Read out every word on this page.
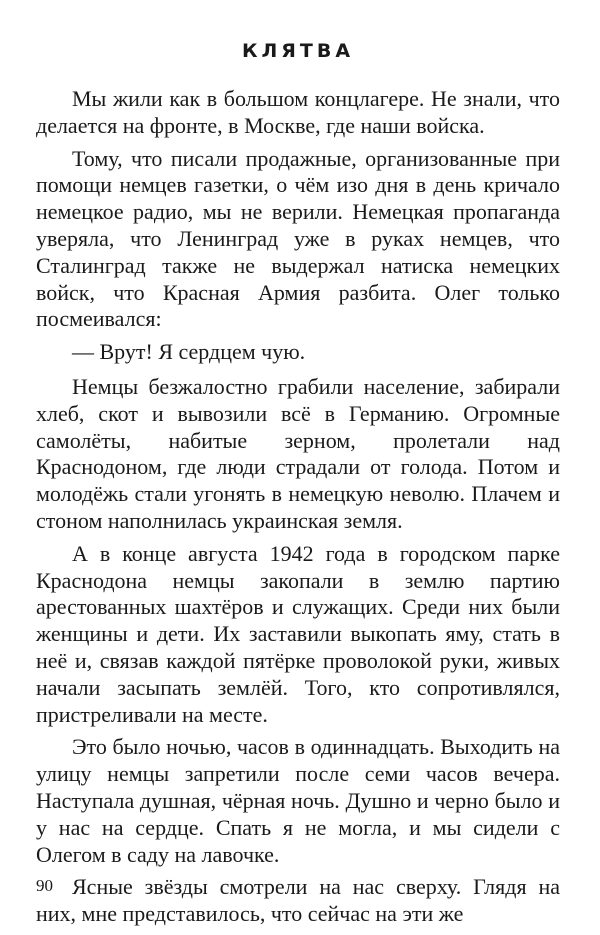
КЛЯТВА

Мы жили как в большом концлагере. Не знали, что делается на фронте, в Москве, где наши войска.

Тому, что писали продажные, организованные при помощи немцев газетки, о чём изо дня в день кричало немецкое радио, мы не верили. Немецкая пропаганда уверяла, что Ленинград уже в руках немцев, что Сталинград также не выдержал натиска немецких войск, что Красная Армия разбита. Олег только посмеивался:

— Врут! Я сердцем чую.

Немцы безжалостно грабили население, забирали хлеб, скот и вывозили всё в Германию. Огромные самолёты, набитые зерном, пролетали над Краснодоном, где люди страдали от голода. Потом и молодёжь стали угонять в немецкую неволю. Плачем и стоном наполнилась украинская земля.

А в конце августа 1942 года в городском парке Краснодона немцы закопали в землю партию арестованных шахтёров и служащих. Среди них были женщины и дети. Их заставили выкопать яму, стать в неё и, связав каждой пятёрке проволокой руки, живых начали засыпать землёй. Того, кто сопротивлялся, пристреливали на месте.

Это было ночью, часов в одиннадцать. Выходить на улицу немцы запретили после семи часов вечера. Наступала душная, чёрная ночь. Душно и черно было и у нас на сердце. Спать я не могла, и мы сидели с Олегом в саду на лавочке.

Ясные звёзды смотрели на нас сверху. Глядя на них, мне представилось, что сейчас на эти же

90
